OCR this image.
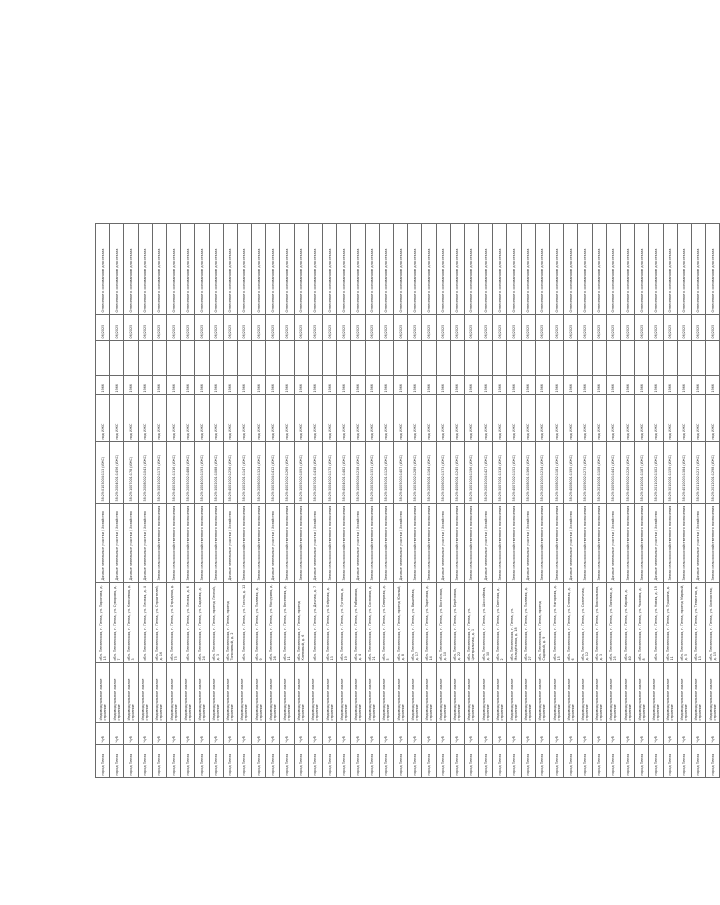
город Пенза	Чуб	Индивидуальное жилое строение	обл. Пензенская, г. Пенза, ул. Пирогова, д. 15	Дачные земельные участки / Хозяйство	58:29:0103004:113 (ИЖС)	под ИЖС	1966		06/2025	Отнесение к основаниям для отказа
город Пенза	Чуб	Индивидуальное жилое строение	обл. Пензенская, г. Пенза, ул. Суворова, д. 7	Дачные земельные участки / Хозяйство	58:29:2004001:1456 (ИЖС)	под ИЖС	1966		06/2025	Отнесение к основаниям для отказа
город Пенза	Чуб	Индивидуальное жилое строение	обл. Пензенская, г. Пенза, ул. Ключевая, д. 3	Дачные земельные участки / Хозяйство	58:29:1007001:178 (ИЖС)	под ИЖС	1966		06/2025	Отнесение к основаниям для отказа
город Пенза	Чуб	Индивидуальное жилое строение	обл. Пензенская, г. Пенза, ул. Лесная, д. 4	Дачные земельные участки / Хозяйство	58:29:2008002:1043 (ИЖС)	под ИЖС	1966		06/2025	Отнесение к основаниям для отказа
город Пенза	Чуб	Индивидуальное жилое строение	обл. Пензенская, г. Пенза, ул. Строителей, д. 16	Земли сельскохозяйственного назначения	58:29:3001002:1175 (ИЖС)	под ИЖС	1966		06/2025	Отнесение к основаниям для отказа
город Пенза	Чуб	Индивидуальное жилое строение	обл. Пензенская, г. Пенза, ул. Отрадная, д. 75	Земли сельскохозяйственного назначения	58:29:4003001:1316 (ИЖС)	под ИЖС	1966		06/2025	Отнесение к основаниям для отказа
город Пенза	Чуб	Индивидуальное жилое строение	обл. Пензенская, г. Пенза, ул. Лесная, д. 6	Земли сельскохозяйственного назначения	58:29:2005002:1488 (ИЖС)	под ИЖС	1966		06/2025	Отнесение к основаниям для отказа
город Пенза	Чуб	Индивидуальное жилое строение	обл. Пензенская, г. Пенза, ул. Садовая, д. 24	Земли сельскохозяйственного назначения	58:29:1004003:1193 (ИЖС)	под ИЖС	1966		06/2025	Отнесение к основаниям для отказа
город Пенза	Чуб	Индивидуальное жилое строение	обл. Пензенская, г. Пенза, проезд Лесной, д. 3	Земли сельскохозяйственного назначения	58:29:3002001:1088 (ИЖС)	под ИЖС	1966		06/2025	Отнесение к основаниям для отказа
город Пенза	Чуб	Индивидуальное жилое строение	обл. Пензенская, г. Пенза, проезд Тополиный, д. 2	Дачные земельные участки / Хозяйство	58:29:4001002:1256 (ИЖС)	под ИЖС	1966		06/2025	Отнесение к основаниям для отказа
город Пенза	Чуб	Индивидуальное жилое строение	обл. Пензенская, г. Пенза, ул. Гоголя, д. 12	Земли сельскохозяйственного назначения	58:29:1002001:1147 (ИЖС)	под ИЖС	1966		06/2025	Отнесение к основаниям для отказа
город Пенза	Чуб	Индивидуальное жилое строение	обл. Пензенская, г. Пенза, ул. Полевая, д. 9	Земли сельскохозяйственного назначения	58:29:2006003:1324 (ИЖС)	под ИЖС	1966		06/2025	Отнесение к основаниям для отказа
город Пенза	Чуб	Индивидуальное жилое строение	обл. Пензенская, г. Пенза, ул. Мичурина, д. 28	Дачные земельные участки / Хозяйство	58:29:3003004:1412 (ИЖС)	под ИЖС	1966		06/2025	Отнесение к основаниям для отказа
город Пенза	Чуб	Индивидуальное жилое строение	обл. Пензенская, г. Пенза, ул. Весенняя, д. 11	Земли сельскохозяйственного назначения	58:29:4002002:1269 (ИЖС)	под ИЖС	1966		06/2025	Отнесение к основаниям для отказа
город Пенза	Чуб	Индивидуальное жилое строение	обл. Пензенская, г. Пенза, проезд Кленовый, д. 6	Земли сельскохозяйственного назначения	58:29:1005002:1093 (ИЖС)	под ИЖС	1966		06/2025	Отнесение к основаниям для отказа
город Пенза	Чуб	Индивидуальное жилое строение	обл. Пензенская, г. Пенза, ул. Дачная, д. 7	Дачные земельные участки / Хозяйство	58:29:2007001:1438 (ИЖС)	под ИЖС	1966		06/2025	Отнесение к основаниям для отказа
город Пенза	Чуб	Индивидуальное жилое строение	обл. Пензенская, г. Пенза, ул. Озёрная, д. 13	Земли сельскохозяйственного назначения	58:29:3004002:1175 (ИЖС)	под ИЖС	1966		06/2025	Отнесение к основаниям для отказа
город Пенза	Чуб	Индивидуальное жилое строение	обл. Пензенская, г. Пенза, ул. Луговая, д. 19	Земли сельскохозяйственного назначения	58:29:4004001:1482 (ИЖС)	под ИЖС	1966		06/2025	Отнесение к основаниям для отказа
город Пенза	Чуб	Индивидуальное жилое строение	обл. Пензенская, г. Пенза, ул. Рябиновая, д. 4	Дачные земельные участки / Хозяйство	58:29:1006004:1238 (ИЖС)	под ИЖС	1966		06/2025	Отнесение к основаниям для отказа
город Пенза	Чуб	Индивидуальное жилое строение	обл. Пензенская, г. Пенза, ул. Сосновая, д. 21	Земли сельскохозяйственного назначения	58:29:2003002:1351 (ИЖС)	под ИЖС	1966		06/2025	Отнесение к основаниям для отказа
город Пенза	Чуб	Индивидуальное жилое строение	обл. Пензенская, г. Пенза, ул. Северная, д. 5	Земли сельскохозяйственного назначения	58:29:3005001:1126 (ИЖС)	под ИЖС	1966		06/2025	Отнесение к основаниям для отказа
город Пенза	Чуб	Индивидуальное жилое строение	обл. Пензенская, г. Пенза, проезд Южный, д. 8	Дачные земельные участки / Хозяйство	58:29:4005003:1407 (ИЖС)	под ИЖС	1966		06/2025	Отнесение к основаниям для отказа
город Пенза	Чуб	Индивидуальное жилое строение	обл. Пензенская, г. Пенза, ул. Вишнёвая, д. 17	Земли сельскохозяйственного назначения	58:29:1003002:1289 (ИЖС)	под ИЖС	1966		06/2025	Отнесение к основаниям для отказа
город Пенза	Чуб	Индивидуальное жилое строение	обл. Пензенская, г. Пенза, ул. Заречная, д. 14	Земли сельскохозяйственного назначения	58:29:2009001:1164 (ИЖС)	под ИЖС	1966		06/2025	Отнесение к основаниям для отказа
город Пенза	Чуб	Индивидуальное жилое строение	обл. Пензенская, г. Пенза, ул. Восточная, д. 10	Дачные земельные участки / Хозяйство	58:29:3006002:1373 (ИЖС)	под ИЖС	1966		06/2025	Отнесение к основаниям для отказа
город Пенза	Чуб	Индивидуальное жилое строение	обл. Пензенская, г. Пенза, ул. Берёзовая, д. 22	Земли сельскохозяйственного назначения	58:29:4006001:1245 (ИЖС)	под ИЖС	1966		06/2025	Отнесение к основаниям для отказа
город Пенза	Чуб	Индивидуальное жилое строение	обл. Пензенская, г. Пенза, ул. Центральная, д. 1	Земли сельскохозяйственного назначения	58:29:1001004:1196 (ИЖС)	под ИЖС	1966		06/2025	Отнесение к основаниям для отказа
город Пенза	Чуб	Индивидуальное жилое строение	обл. Пензенская, г. Пенза, ул. Шоссейная, д. 30	Дачные земельные участки / Хозяйство	58:29:2002004:1427 (ИЖС)	под ИЖС	1966		06/2025	Отнесение к основаниям для отказа
город Пенза	Чуб	Индивидуальное жилое строение	обл. Пензенская, г. Пенза, ул. Светлая, д. 2	Земли сельскохозяйственного назначения	58:29:3007001:1318 (ИЖС)	под ИЖС	1966		06/2025	Отнесение к основаниям для отказа
город Пенза	Чуб	Индивидуальное жилое строение	обл. Пензенская, г. Пенза, ул. Молодёжная, д. 18	Земли сельскохозяйственного назначения	58:29:4007002:1152 (ИЖС)	под ИЖС	1966		06/2025	Отнесение к основаниям для отказа
город Пенза	Чуб	Индивидуальное жилое строение	обл. Пензенская, г. Пенза, ул. Полевая, д. 27	Дачные земельные участки / Хозяйство	58:29:1008001:1366 (ИЖС)	под ИЖС	1966		06/2025	Отнесение к основаниям для отказа
город Пенза	Чуб	Индивидуальное жилое строение	обл. Пензенская, г. Пенза, проезд Садовый, д. 9	Земли сельскохозяйственного назначения	58:29:2001003:1234 (ИЖС)	под ИЖС	1966		06/2025	Отнесение к основаниям для отказа
город Пенза	Чуб	Индивидуальное жилое строение	обл. Пензенская, г. Пенза, ул. Нагорная, д. 15	Земли сельскохозяйственного назначения	58:29:3008002:1181 (ИЖС)	под ИЖС	1966		06/2025	Отнесение к основаниям для отказа
город Пенза	Чуб	Индивидуальное жилое строение	обл. Пензенская, г. Пенза, ул. Степная, д. 6	Дачные земельные участки / Хозяйство	58:29:4008001:1395 (ИЖС)	под ИЖС	1966		06/2025	Отнесение к основаниям для отказа
город Пенза	Чуб	Индивидуальное жилое строение	обл. Пензенская, г. Пенза, ул. Солнечная, д. 12	Земли сельскохозяйственного назначения	58:29:1009002:1273 (ИЖС)	под ИЖС	1966		06/2025	Отнесение к основаниям для отказа
город Пенза	Чуб	Индивидуальное жилое строение	обл. Пензенская, г. Пенза, ул. Вокзальная, д. 3	Земли сельскохозяйственного назначения	58:29:2010001:1108 (ИЖС)	под ИЖС	1966		06/2025	Отнесение к основаниям для отказа
город Пенза	Чуб	Индивидуальное жилое строение	обл. Пензенская, г. Пенза, ул. Липовая, д. 25	Дачные земельные участки / Хозяйство	58:29:3009003:1441 (ИЖС)	под ИЖС	1966		06/2025	Отнесение к основаниям для отказа
город Пенза	Чуб	Индивидуальное жилое строение	обл. Пензенская, г. Пенза, ул. Кирова, д. 40	Земли сельскохозяйственного назначения	58:29:4009002:1226 (ИЖС)	под ИЖС	1966		06/2025	Отнесение к основаниям для отказа
город Пенза	Чуб	Индивидуальное жилое строение	обл. Пензенская, г. Пенза, ул. Чкалова, д. 8	Земли сельскохозяйственного назначения	58:29:1010001:1187 (ИЖС)	под ИЖС	1966		06/2025	Отнесение к основаниям для отказа
город Пенза	Чуб	Индивидуальное жилое строение	обл. Пензенская, г. Пенза, ул. Новая, д. 19	Дачные земельные участки / Хозяйство	58:29:2011002:1302 (ИЖС)	под ИЖС	1966		06/2025	Отнесение к основаниям для отказа
город Пенза	Чуб	Индивидуальное жилое строение	обл. Пензенская, г. Пенза, ул. Пушкина, д. 11	Земли сельскохозяйственного назначения	58:29:3010001:1159 (ИЖС)	под ИЖС	1966		06/2025	Отнесение к основаниям для отказа
город Пенза	Чуб	Индивидуальное жилое строение	обл. Пензенская, г. Пенза, проезд Мирный, д. 5	Земли сельскохозяйственного назначения	58:29:4010003:1384 (ИЖС)	под ИЖС	1966		06/2025	Отнесение к основаниям для отказа
город Пенза	Чуб	Индивидуальное жилое строение	обл. Пензенская, г. Пенза, ул. Тенистая, д. 13	Дачные земельные участки / Хозяйство	58:29:1011002:1217 (ИЖС)	под ИЖС	1966		06/2025	Отнесение к основаниям для отказа
город Пенза	Чуб	Индивидуальное жилое строение	обл. Пензенская, г. Пенза, ул. Холмистая, д. 15	Земли сельскохозяйственного назначения	58:29:2012001:1298 (ИЖС)	под ИЖС	1966		06/2025	Отнесение к основаниям для отказа
